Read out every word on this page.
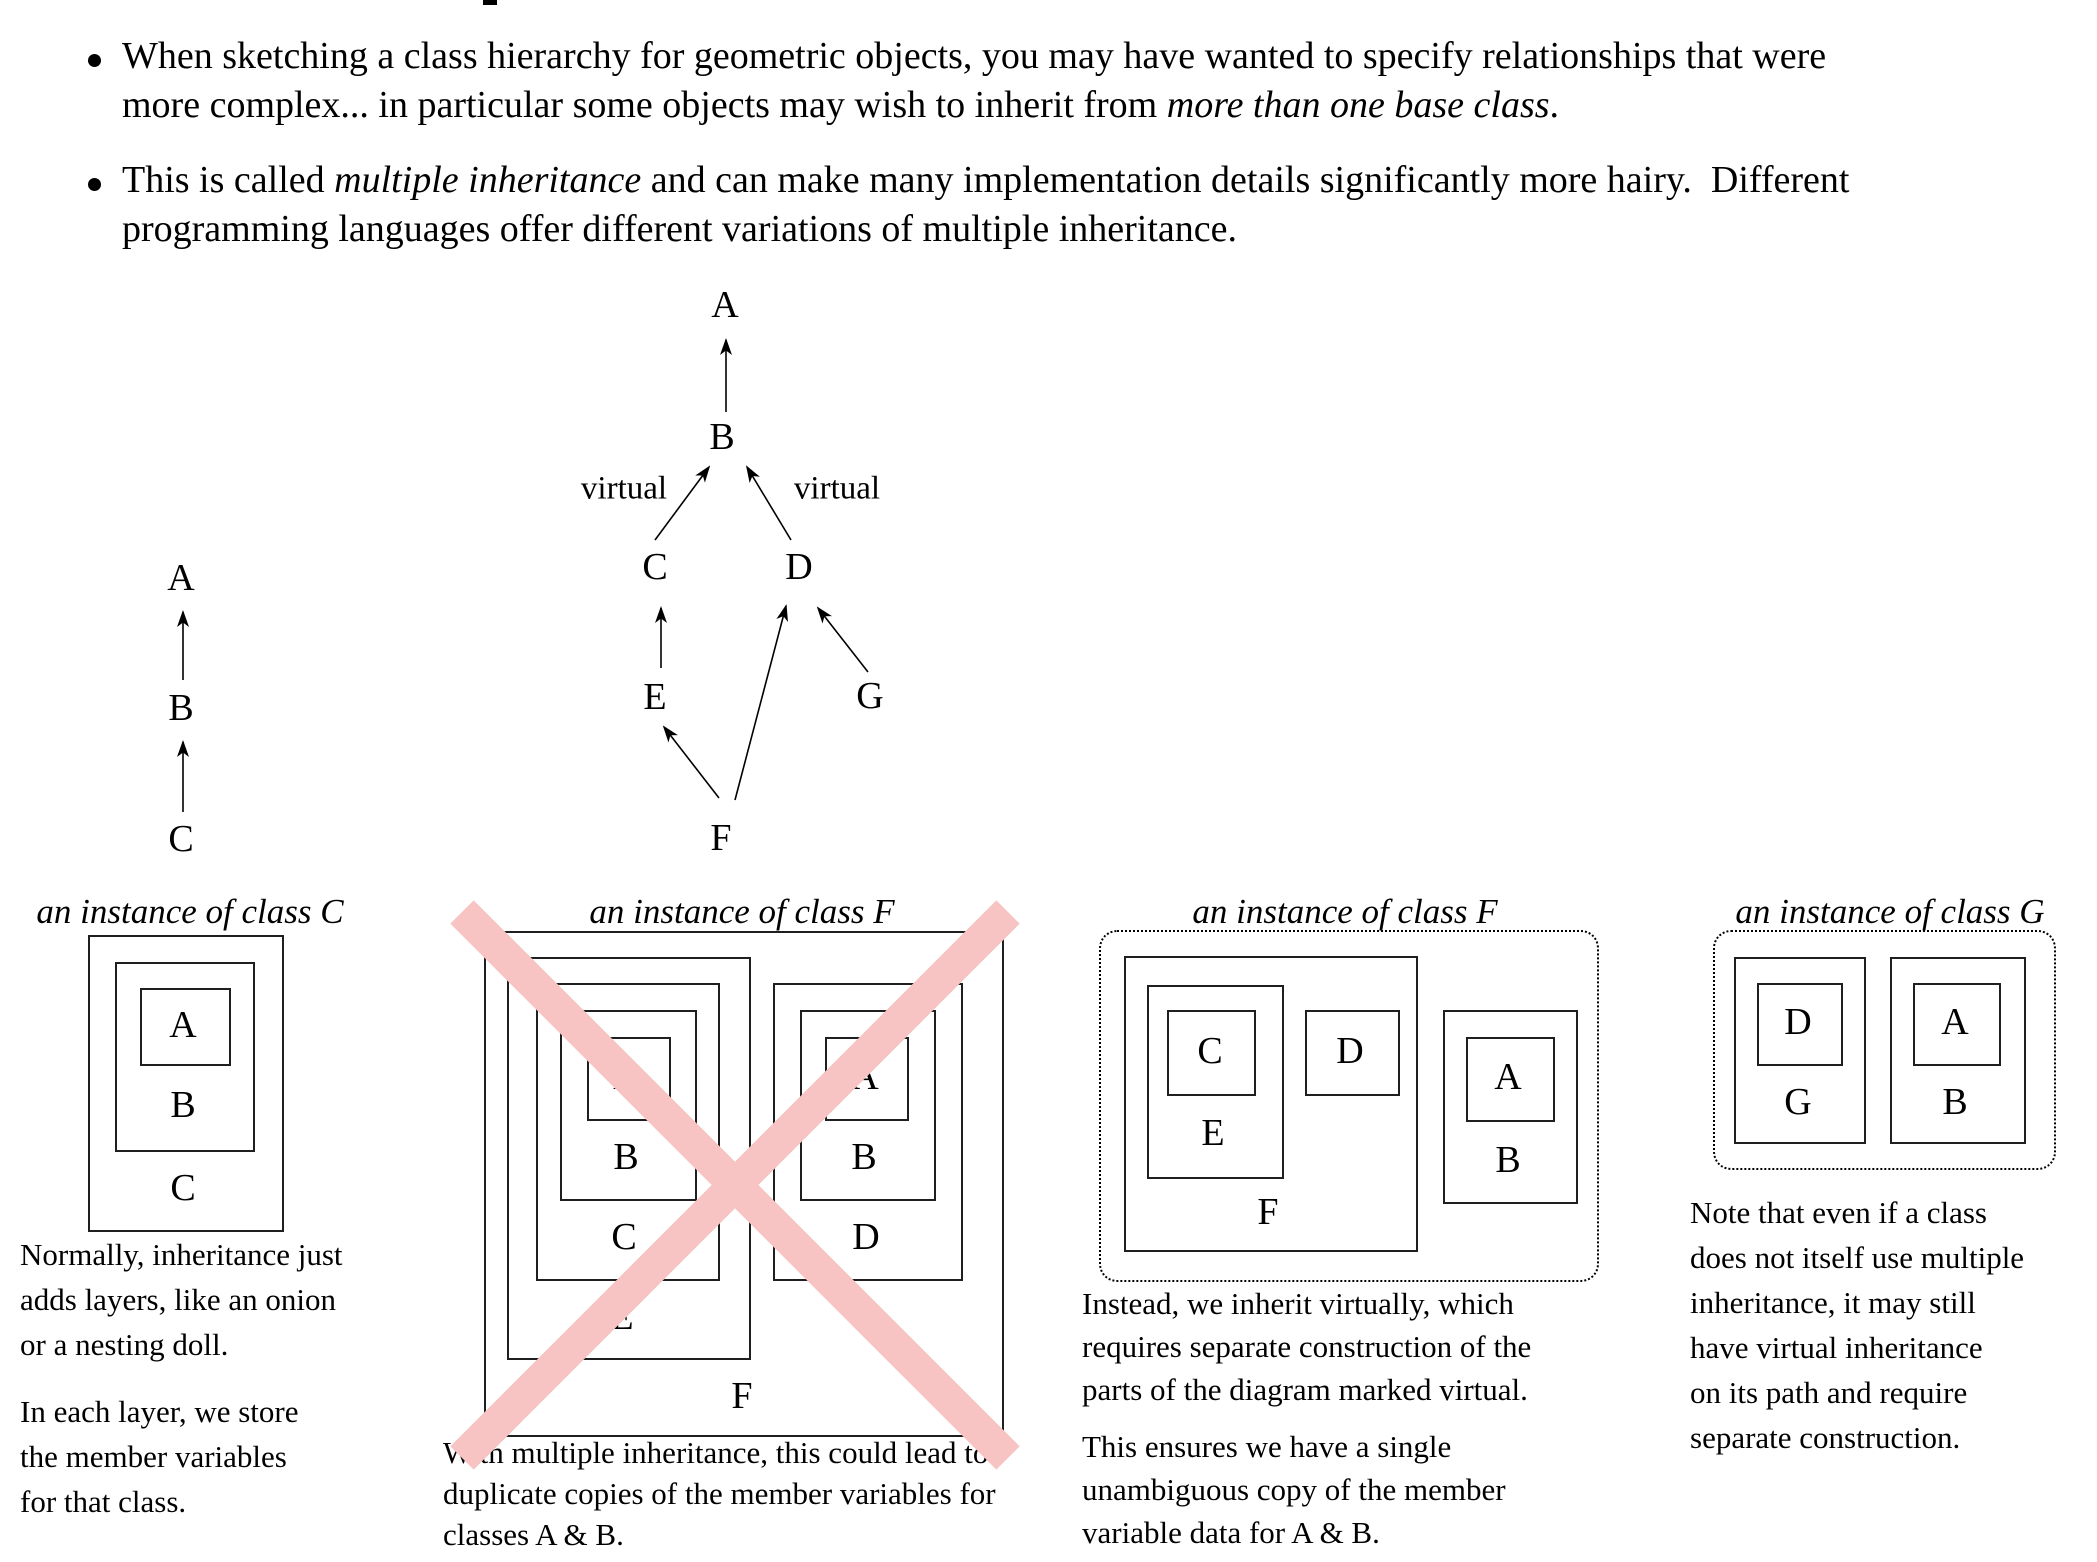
When sketching a class hierarchy for geometric objects, you may have wanted to specify relationships that were
more complex... in particular some objects may wish to inherit from more than one base class.
This is called multiple inheritance and can make many implementation details significantly more hairy.  Different
programming languages offer different variations of multiple inheritance.
A
B
virtual	virtual
C	D
E	G
F
A
B
C
an instance of class C	an instance of class F	an instance of class F	an instance of class G
A
B
C
A
B
C
E
A
B
D
F
C	D
E
F
A
B
D
G
A
B
Normally, inheritance just
adds layers, like an onion
or a nesting doll.
In each layer, we store
the member variables
for that class.
With multiple inheritance, this could lead to
duplicate copies of the member variables for
classes A & B.
Instead, we inherit virtually, which
requires separate construction of the
parts of the diagram marked virtual.
This ensures we have a single
unambiguous copy of the member
variable data for A & B.
Note that even if a class
does not itself use multiple
inheritance, it may still
have virtual inheritance
on its path and require
separate construction.
